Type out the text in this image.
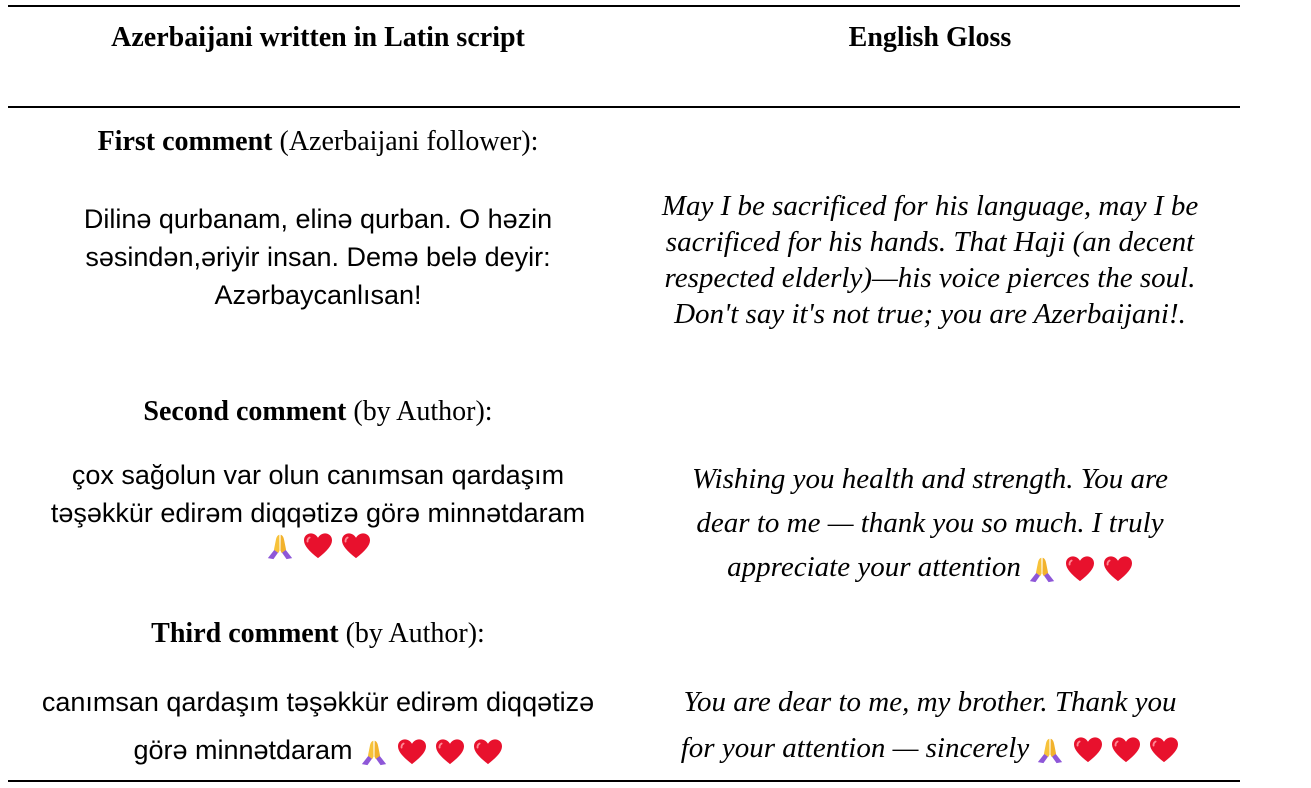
Azerbaijani written in Latin script	English Gloss
First comment (Azerbaijani follower):
Dilinə qurbanam, elinə qurban. O həzin
səsindən,əriyir insan. Demə belə deyir:
Azərbaycanlısan!
May I be sacrificed for his language, may I be
sacrificed for his hands. That Haji (an decent
respected elderly)—his voice pierces the soul.
Don't say it's not true; you are Azerbaijani!.
Second comment (by Author):
çox sağolun var olun canımsan qardaşım
təşəkkür edirəm diqqətizə görə minnətdaram
Wishing you health and strength. You are
dear to me — thank you so much. I truly
appreciate your attention
Third comment (by Author):
canımsan qardaşım təşəkkür edirəm diqqətizə
görə minnətdaram
You are dear to me, my brother. Thank you
for your attention — sincerely
